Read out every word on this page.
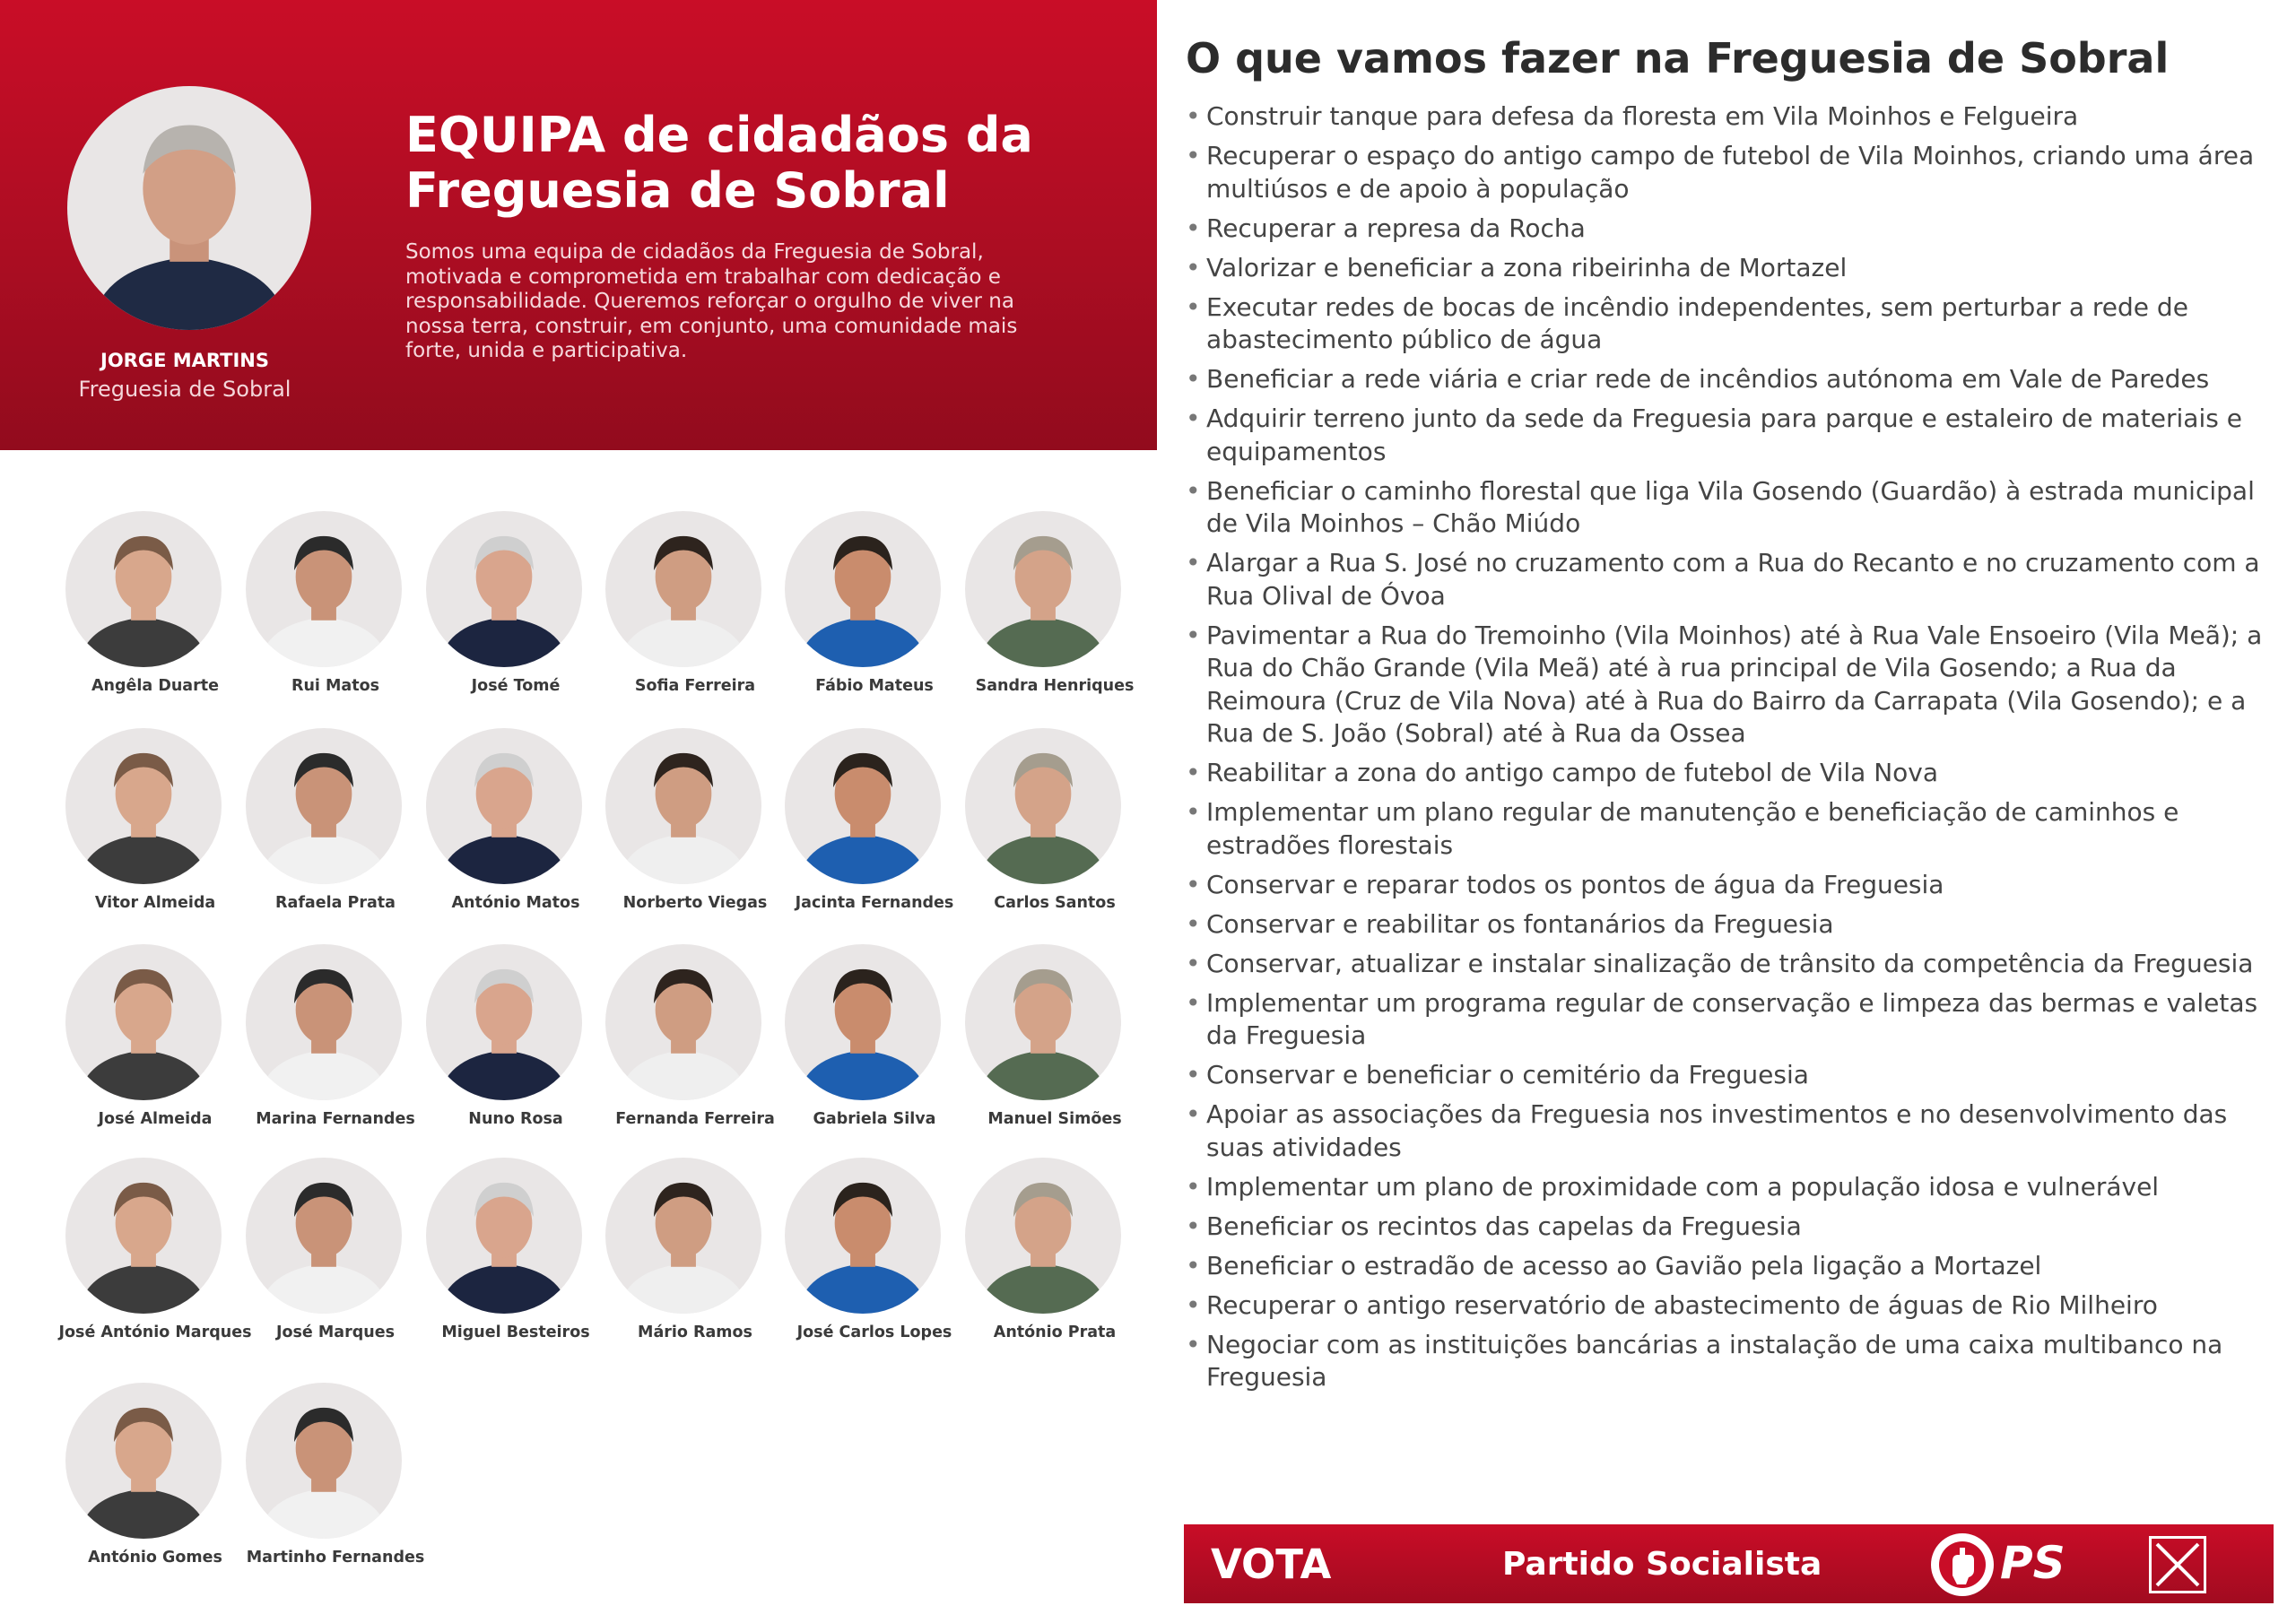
JORGE MARTINS
Freguesia de Sobral
EQUIPA de cidadãos da Freguesia de Sobral

Somos uma equipa de cidadãos da Freguesia de Sobral, motivada e comprometida em trabalhar com dedicação e responsabilidade. Queremos reforçar o orgulho de viver na nossa terra, construir, em conjunto, uma comunidade mais forte, unida e participativa.

Angêla Duarte	Rui Matos	José Tomé	Sofia Ferreira	Fábio Mateus	Sandra Henriques
Vitor Almeida	Rafaela Prata	António Matos	Norberto Viegas	Jacinta Fernandes	Carlos Santos
José Almeida	Marina Fernandes	Nuno Rosa	Fernanda Ferreira	Gabriela Silva	Manuel Simões
José António Marques	José Marques	Miguel Besteiros	Mário Ramos	José Carlos Lopes	António Prata
António Gomes	Martinho Fernandes
O que vamos fazer na Freguesia de Sobral
• Construir tanque para defesa da floresta em Vila Moinhos e Felgueira
• Recuperar o espaço do antigo campo de futebol de Vila Moinhos, criando uma área multiúsos e de apoio à população
• Recuperar a represa da Rocha
• Valorizar e beneficiar a zona ribeirinha de Mortazel
• Executar redes de bocas de incêndio independentes, sem perturbar a rede de abastecimento público de água
• Beneficiar a rede viária e criar rede de incêndios autónoma em Vale de Paredes
• Adquirir terreno junto da sede da Freguesia para parque e estaleiro de materiais e equipamentos
• Beneficiar o caminho florestal que liga Vila Gosendo (Guardão) à estrada municipal de Vila Moinhos – Chão Miúdo
• Alargar a Rua S. José no cruzamento com a Rua do Recanto e no cruzamento com a Rua Olival de Óvoa
• Pavimentar a Rua do Tremoinho (Vila Moinhos) até à Rua Vale Ensoeiro (Vila Meã); a Rua do Chão Grande (Vila Meã) até à rua principal de Vila Gosendo; a Rua da Reimoura (Cruz de Vila Nova) até à Rua do Bairro da Carrapata (Vila Gosendo); e a Rua de S. João (Sobral) até à Rua da Ossea
• Reabilitar a zona do antigo campo de futebol de Vila Nova
• Implementar um plano regular de manutenção e beneficiação de caminhos e estradões florestais
• Conservar e reparar todos os pontos de água da Freguesia
• Conservar e reabilitar os fontanários da Freguesia
• Conservar, atualizar e instalar sinalização de trânsito da competência da Freguesia
• Implementar um programa regular de conservação e limpeza das bermas e valetas da Freguesia
• Conservar e beneficiar o cemitério da Freguesia
• Apoiar as associações da Freguesia nos investimentos e no desenvolvimento das suas atividades
• Implementar um plano de proximidade com a população idosa e vulnerável
• Beneficiar os recintos das capelas da Freguesia
• Beneficiar o estradão de acesso ao Gavião pela ligação a Mortazel
• Recuperar o antigo reservatório de abastecimento de águas de Rio Milheiro
• Negociar com as instituições bancárias a instalação de uma caixa multibanco na Freguesia
VOTA	Partido Socialista	PS
